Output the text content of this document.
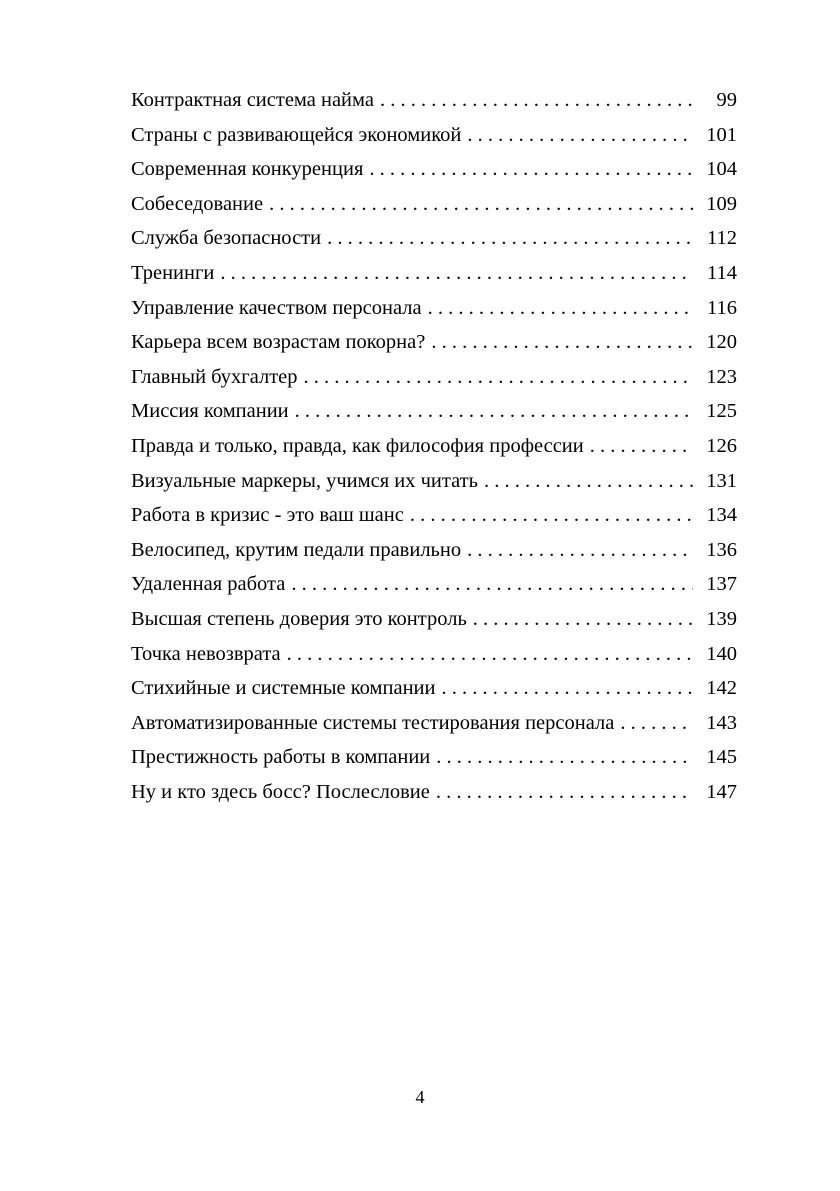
Контрактная система найма . . .	99
Страны с развивающейся экономикой . . .	101
Современная конкуренция . . .	104
Собеседование . . .	109
Служба безопасности . . .	112
Тренинги . . .	114
Управление качеством персонала . . .	116
Карьера всем возрастам покорна? . . .	120
Главный бухгалтер . . .	123
Миссия компании . . .	125
Правда и только, правда, как философия профессии . . .	126
Визуальные маркеры, учимся их читать . . .	131
Работа в кризис - это ваш шанс . . .	134
Велосипед, крутим педали правильно . . .	136
Удаленная работа . . .	137
Высшая степень доверия это контроль . . .	139
Точка невозврата . . .	140
Стихийные и системные компании . . .	142
Автоматизированные системы тестирования персонала . . .	143
Престижность работы в компании . . .	145
Ну и кто здесь босс? Послесловие . . .	147
4
